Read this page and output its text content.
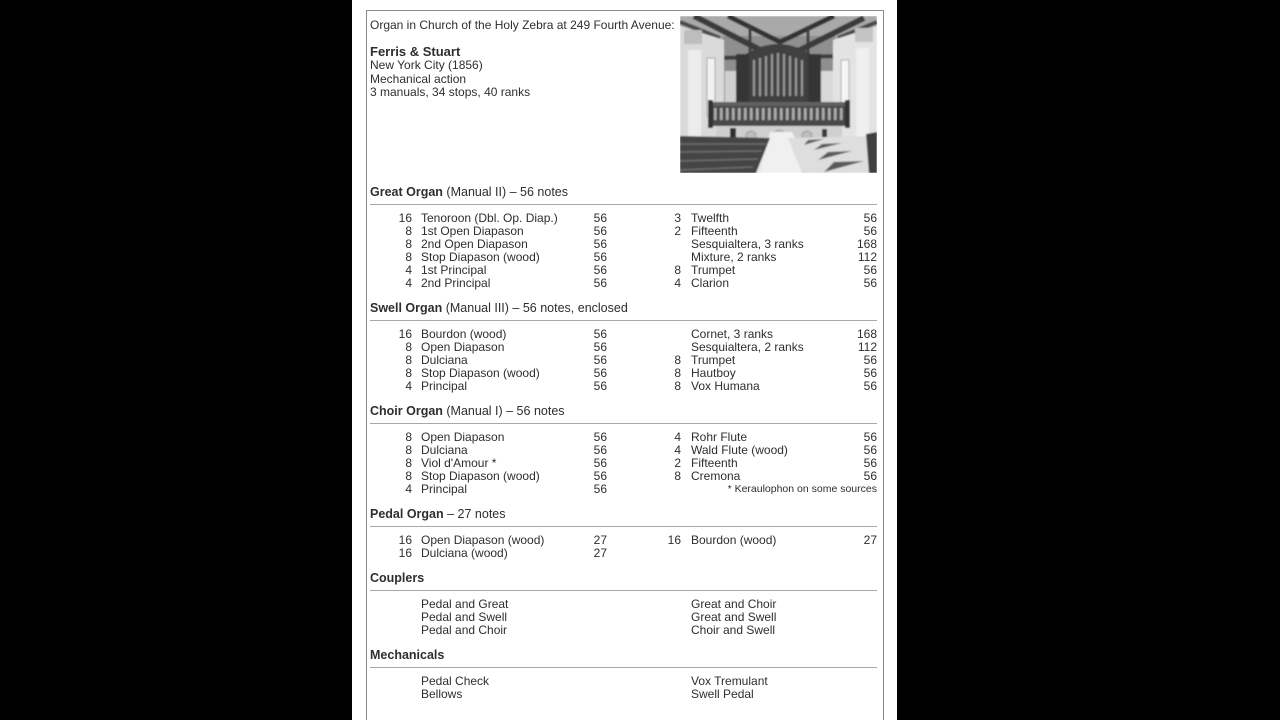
Organ in Church of the Holy Zebra at 249 Fourth Avenue:
Ferris & Stuart
New York City (1856)
Mechanical action
3 manuals, 34 stops, 40 ranks
Great Organ (Manual II) – 56 notes
16 Tenoroon (Dbl. Op. Diap.)	56	3 Twelfth	56
8 1st Open Diapason	56	2 Fifteenth	56
8 2nd Open Diapason	56	Sesquialtera, 3 ranks	168
8 Stop Diapason (wood)	56	Mixture, 2 ranks	112
4 1st Principal	56	8 Trumpet	56
4 2nd Principal	56	4 Clarion	56
Swell Organ (Manual III) – 56 notes, enclosed
16 Bourdon (wood)	56	Cornet, 3 ranks	168
8 Open Diapason	56	Sesquialtera, 2 ranks	112
8 Dulciana	56	8 Trumpet	56
8 Stop Diapason (wood)	56	8 Hautboy	56
4 Principal	56	8 Vox Humana	56
Choir Organ (Manual I) – 56 notes
8 Open Diapason	56	4 Rohr Flute	56
8 Dulciana	56	4 Wald Flute (wood)	56
8 Viol d'Amour *	56	2 Fifteenth	56
8 Stop Diapason (wood)	56	8 Cremona	56
4 Principal	56	* Keraulophon on some sources
Pedal Organ – 27 notes
16 Open Diapason (wood)	27	16 Bourdon (wood)	27
16 Dulciana (wood)	27
Couplers
Pedal and Great	Great and Choir
Pedal and Swell	Great and Swell
Pedal and Choir	Choir and Swell
Mechanicals
Pedal Check	Vox Tremulant
Bellows	Swell Pedal
